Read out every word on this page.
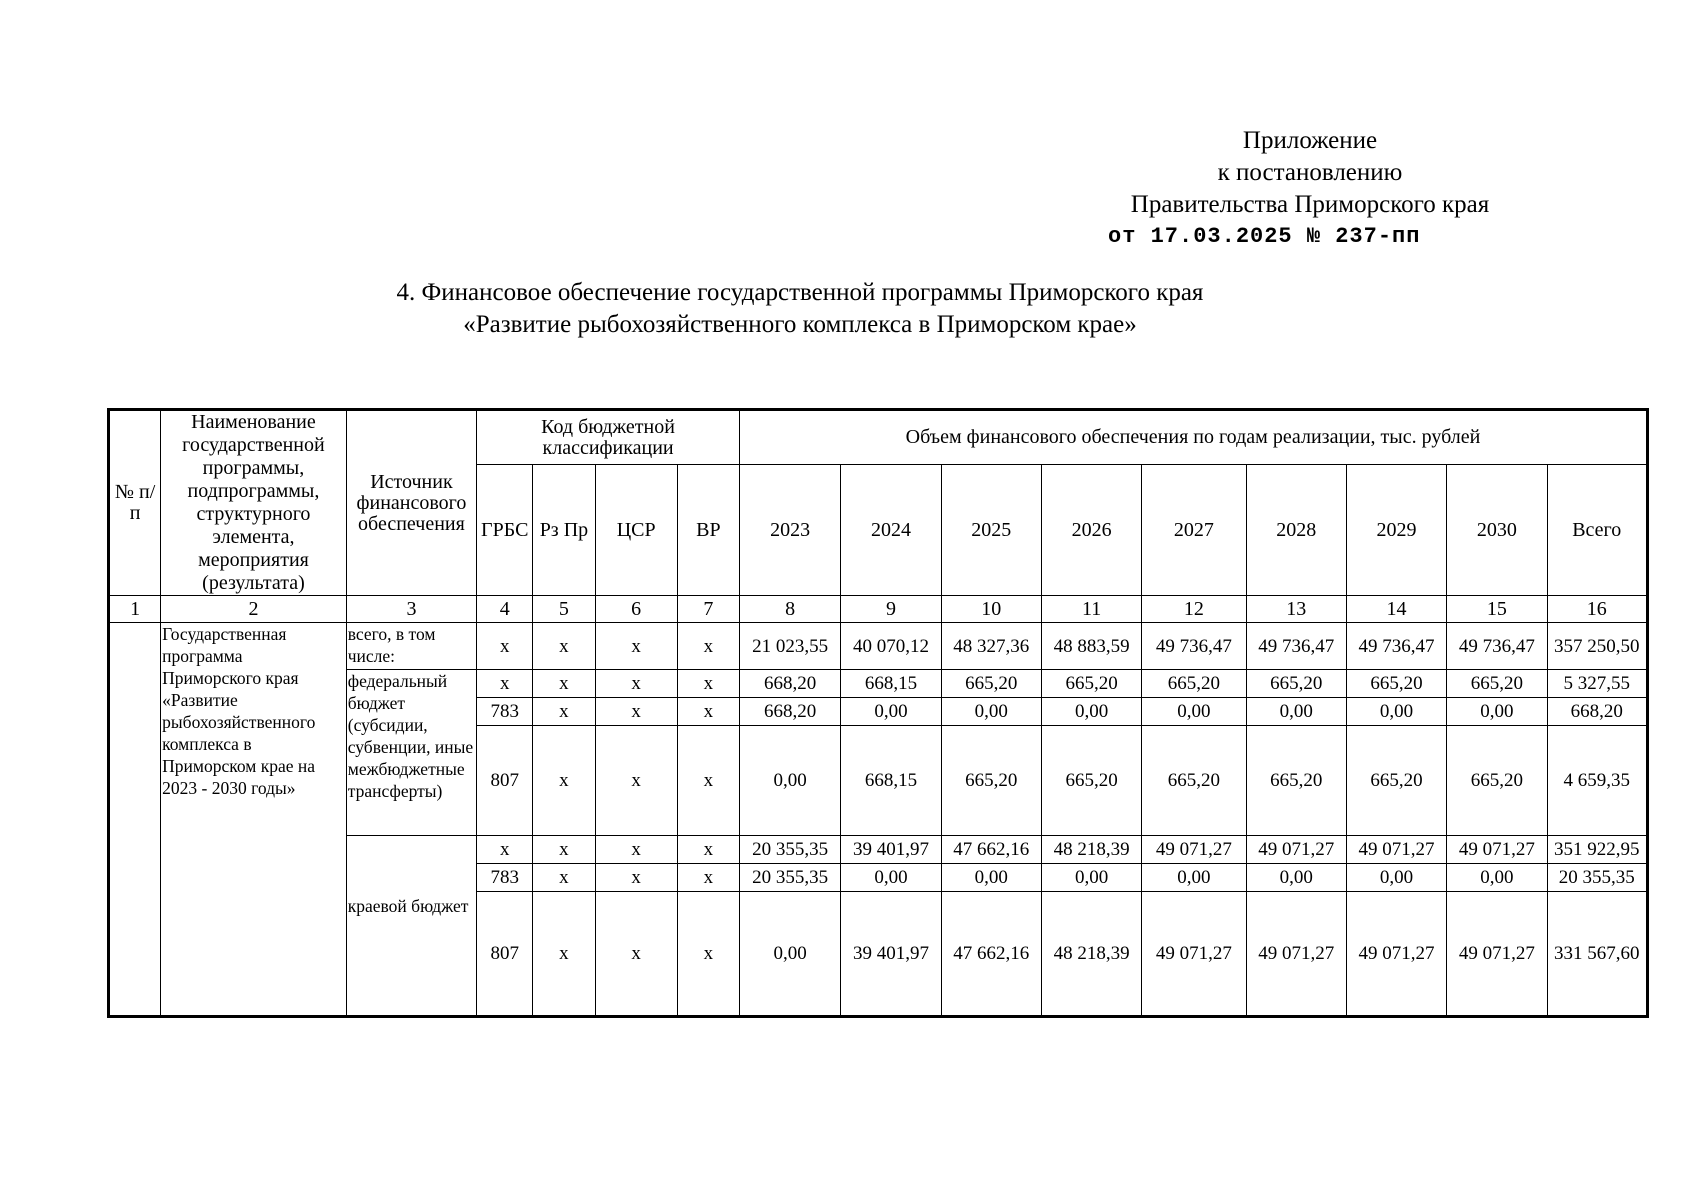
Приложение
к постановлению
Правительства Приморского края
от 17.03.2025 № 237-пп
4. Финансовое обеспечение государственной программы Приморского края
«Развитие рыбохозяйственного комплекса в Приморском крае»
№ п/п	Наименование государственной программы, подпрограммы, структурного элемента, мероприятия (результата)	Источник финансового обеспечения	Код бюджетной классификации				Объем финансового обеспечения по годам реализации, тыс. рублей								
			ГРБС	Рз Пр	ЦСР	ВР	2023	2024	2025	2026	2027	2028	2029	2030	Всего
1	2	3	4	5	6	7	8	9	10	11	12	13	14	15	16
	Государственная программа Приморского края «Развитие рыбохозяйственного комплекса в Приморском крае на 2023 - 2030 годы»	всего, в том числе:	х	х	х	х	21 023,55	40 070,12	48 327,36	48 883,59	49 736,47	49 736,47	49 736,47	49 736,47	357 250,50
		федеральный бюджет (субсидии, субвенции, иные межбюджетные трансферты)	х	х	х	х	668,20	668,15	665,20	665,20	665,20	665,20	665,20	665,20	5 327,55
			783	х	х	х	668,20	0,00	0,00	0,00	0,00	0,00	0,00	0,00	668,20
			807	х	х	х	0,00	668,15	665,20	665,20	665,20	665,20	665,20	665,20	4 659,35
		краевой бюджет	х	х	х	х	20 355,35	39 401,97	47 662,16	48 218,39	49 071,27	49 071,27	49 071,27	49 071,27	351 922,95
			783	х	х	х	20 355,35	0,00	0,00	0,00	0,00	0,00	0,00	0,00	20 355,35
			807	х	х	х	0,00	39 401,97	47 662,16	48 218,39	49 071,27	49 071,27	49 071,27	49 071,27	331 567,60
